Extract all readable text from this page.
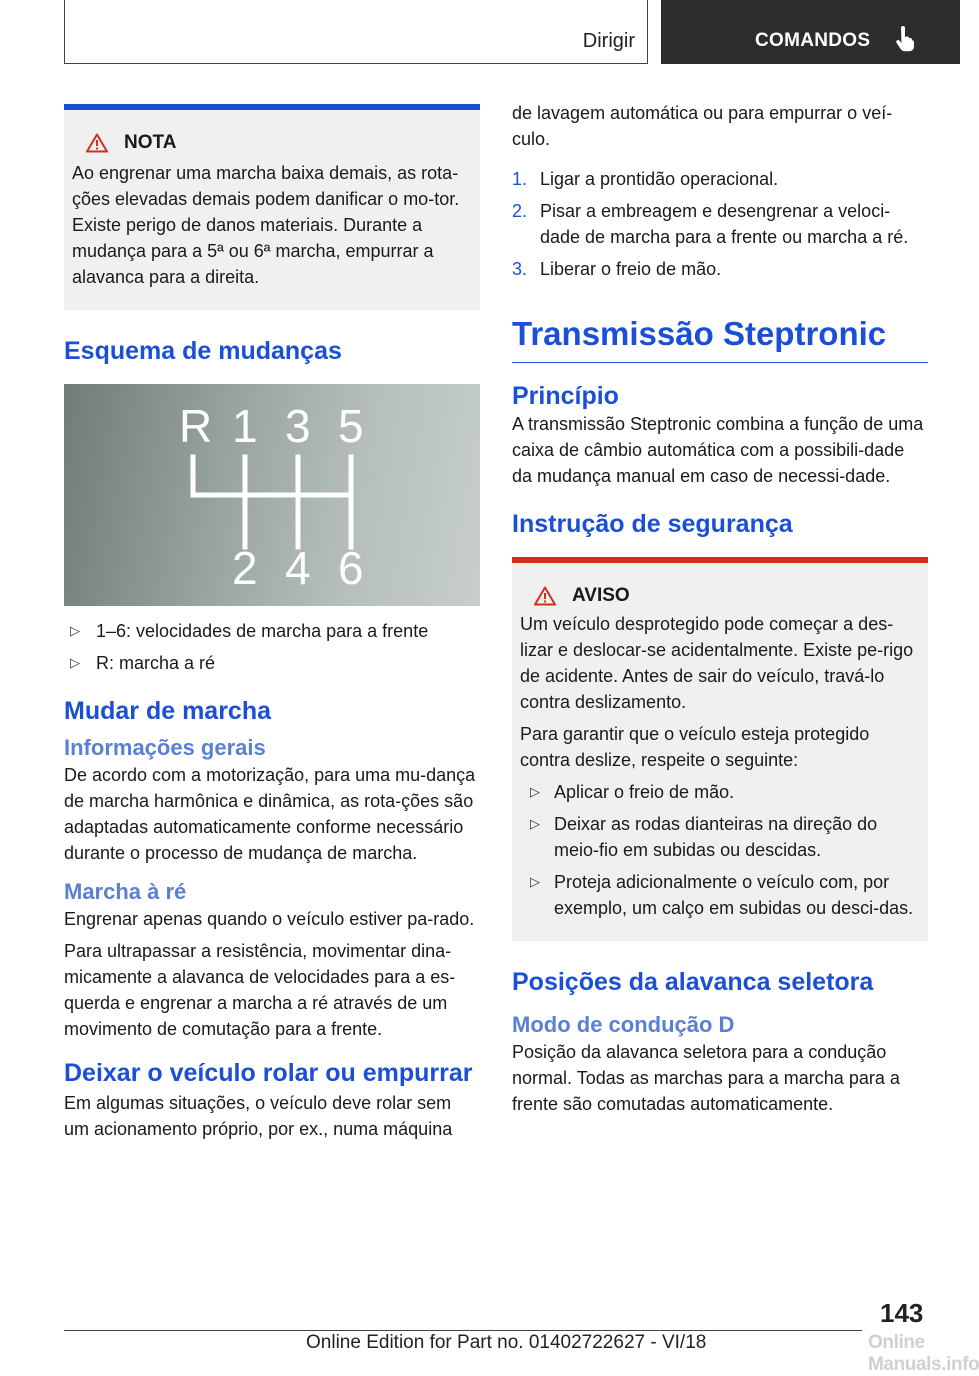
Dirigir	COMANDOS
NOTA

Ao engrenar uma marcha baixa demais, as rota-ções elevadas demais podem danificar o mo-tor. Existe perigo de danos materiais. Durante a mudança para a 5ª ou 6ª marcha, empurrar a alavanca para a direita.

Esquema de mudanças
R 1 3 5
2 4 6
▷ 1–6: velocidades de marcha para a frente
▷ R: marcha a ré
Mudar de marcha
Informações gerais

De acordo com a motorização, para uma mu-dança de marcha harmônica e dinâmica, as rota-ções são adaptadas automaticamente conforme necessário durante o processo de mudança de marcha.

Marcha à ré

Engrenar apenas quando o veículo estiver pa-rado.

Para ultrapassar a resistência, movimentar dina-micamente a alavanca de velocidades para a es-querda e engrenar a marcha a ré através de um movimento de comutação para a frente.

Deixar o veículo rolar ou empurrar

Em algumas situações, o veículo deve rolar sem um acionamento próprio, por ex., numa máquina

de lavagem automática ou para empurrar o veí-culo.

1. Ligar a prontidão operacional.
2. Pisar a embreagem e desengrenar a veloci-dade de marcha para a frente ou marcha a ré.
3. Liberar o freio de mão.
Transmissão Steptronic
Princípio

A transmissão Steptronic combina a função de uma caixa de câmbio automática com a possibili-dade da mudança manual em caso de necessi-dade.

Instrução de segurança
AVISO

Um veículo desprotegido pode começar a des-lizar e deslocar-se acidentalmente. Existe pe-rigo de acidente. Antes de sair do veículo, travá-lo contra deslizamento.

Para garantir que o veículo esteja protegido contra deslize, respeite o seguinte:

▷ Aplicar o freio de mão.
▷ Deixar as rodas dianteiras na direção do meio-fio em subidas ou descidas.
▷ Proteja adicionalmente o veículo com, por exemplo, um calço em subidas ou desci-das.
Posições da alavanca seletora
Modo de condução D

Posição da alavanca seletora para a condução normal. Todas as marchas para a marcha para a frente são comutadas automaticamente.

143
Online Edition for Part no. 01402722627 - VI/18	Online Manuals.info
